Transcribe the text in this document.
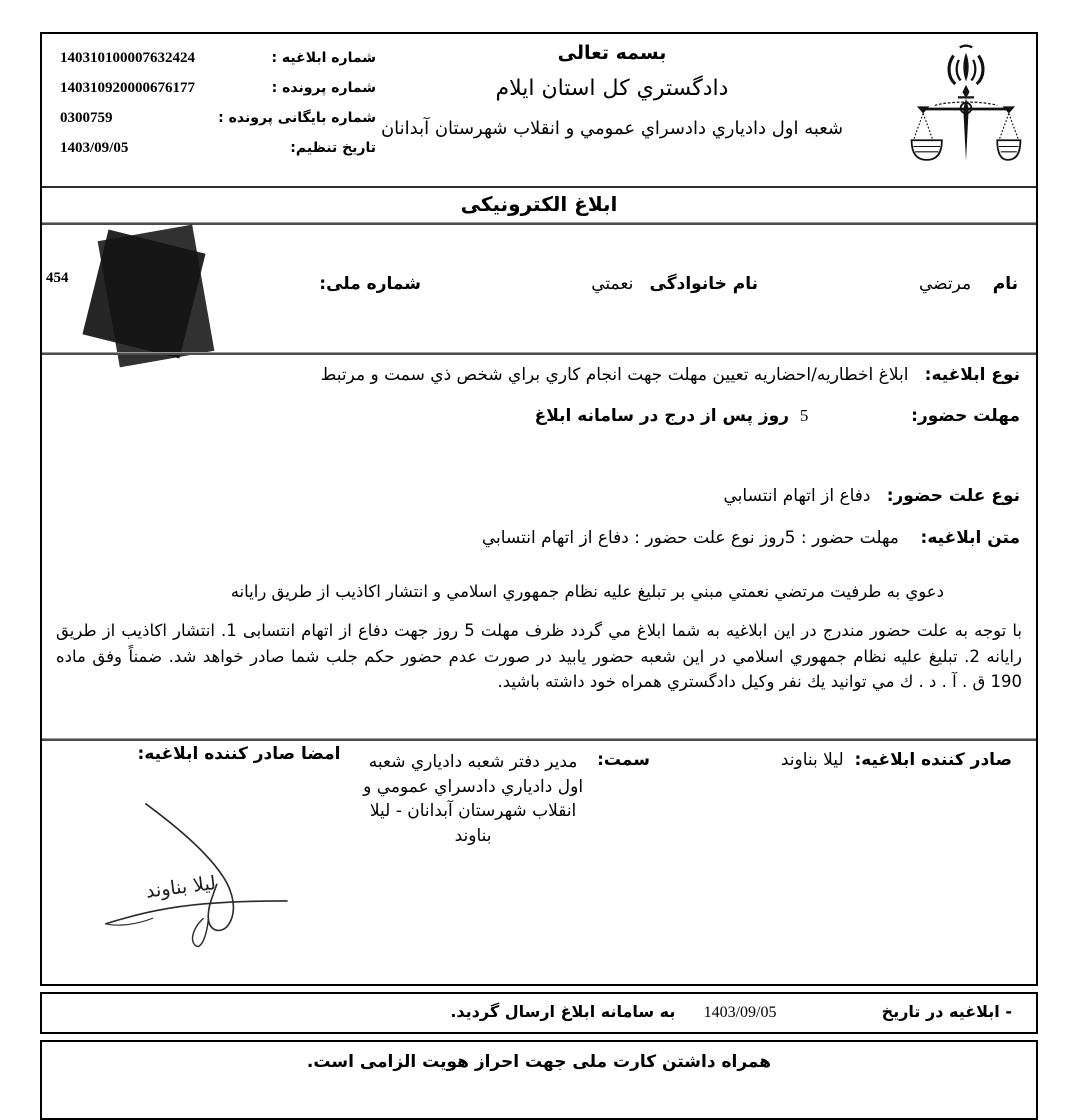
شماره ابلاغیه :
140310100007632424
شماره پرونده :
140310920000676177
شماره بایگانی پرونده :
0300759
تاریخ تنظیم:
1403/09/05
بسمه تعالی
دادگستري كل استان ايلام
شعبه اول دادياري دادسراي عمومي و انقلاب شهرستان آبدانان
ابلاغ الکترونیکی
نام    مرتضي
نام خانوادگی   نعمتي
شماره ملی:
454
نوع ابلاغیه:   ابلاغ اخطاريه/احضاريه تعيين مهلت جهت انجام كاري براي شخص ذي سمت و مرتبط
مهلت حضور:  5  روز پس از درج در سامانه ابلاغ
نوع علت حضور:   دفاع از اتهام انتسابي
متن ابلاغیه:    مهلت حضور : 5روز نوع علت حضور : دفاع از اتهام انتسابي
دعوي به طرفيت مرتضي نعمتي مبني بر تبليغ عليه نظام جمهوري اسلامي و انتشار اكاذيب از طريق رايانه
با توجه به علت حضور مندرج در اين ابلاغيه به شما ابلاغ مي گردد ظرف مهلت 5 روز جهت دفاع از اتهام انتسابی 1. انتشار اكاذيب از طريق رايانه 2. تبليغ عليه نظام جمهوري اسلامي در اين شعبه حضور يابيد در صورت عدم حضور حكم جلب شما صادر خواهد شد. ضمناً وفق ماده 190 ق . آ . د . ك مي توانيد يك نفر وكيل دادگستري همراه خود داشته باشيد.
صادر كننده ابلاغيه:  ليلا بناوند
سمت:
مدير دفتر شعبه دادياري شعبه اول دادياري دادسراي عمومي و انقلاب شهرستان آبدانان - ليلا بناوند
امضا صادر كننده ابلاغيه:
ليلا بناوند
- ابلاغیه در تاریخ  1403/09/05  به سامانه ابلاغ ارسال گردید.
همراه داشتن کارت ملی جهت احراز هویت الزامی است.
